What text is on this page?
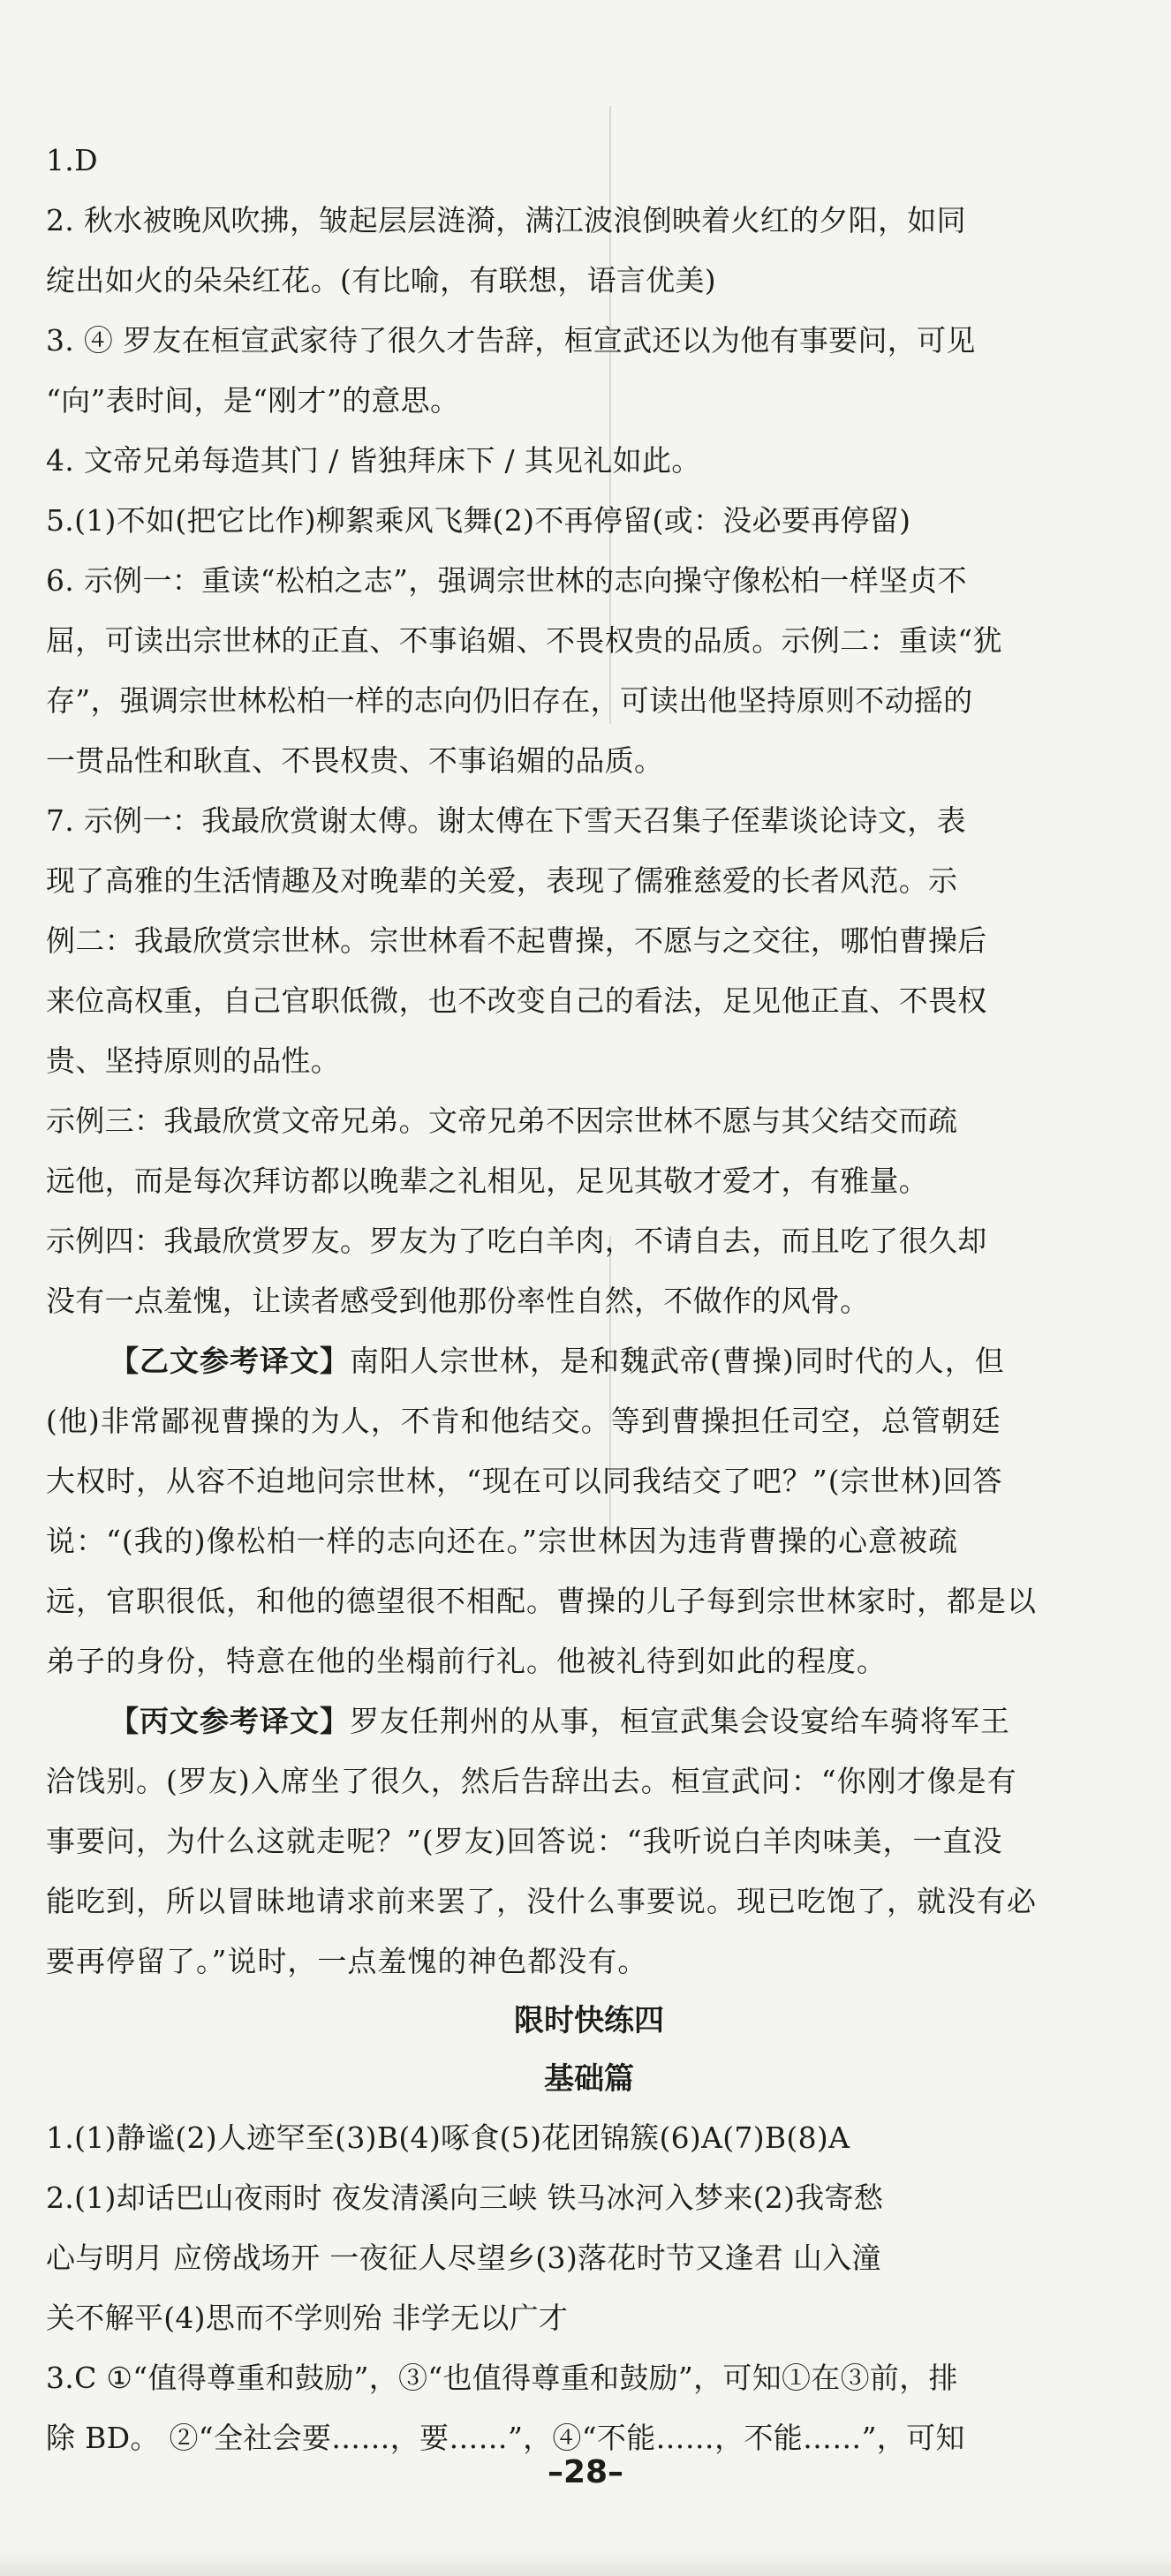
1.D
2. 秋水被晚风吹拂，皱起层层涟漪，满江波浪倒映着火红的夕阳，如同
绽出如火的朵朵红花。(有比喻，有联想，语言优美)
3. ④ 罗友在桓宣武家待了很久才告辞，桓宣武还以为他有事要问，可见
“向”表时间，是“刚才”的意思。
4. 文帝兄弟每造其门 / 皆独拜床下 / 其见礼如此。
5.(1)不如(把它比作)柳絮乘风飞舞(2)不再停留(或：没必要再停留)
6. 示例一：重读“松柏之志”，强调宗世林的志向操守像松柏一样坚贞不
屈，可读出宗世林的正直、不事谄媚、不畏权贵的品质。示例二：重读“犹
存”，强调宗世林松柏一样的志向仍旧存在，可读出他坚持原则不动摇的
一贯品性和耿直、不畏权贵、不事谄媚的品质。
7. 示例一：我最欣赏谢太傅。谢太傅在下雪天召集子侄辈谈论诗文，表
现了高雅的生活情趣及对晚辈的关爱，表现了儒雅慈爱的长者风范。示
例二：我最欣赏宗世林。宗世林看不起曹操，不愿与之交往，哪怕曹操后
来位高权重，自己官职低微，也不改变自己的看法，足见他正直、不畏权
贵、坚持原则的品性。
示例三：我最欣赏文帝兄弟。文帝兄弟不因宗世林不愿与其父结交而疏
远他，而是每次拜访都以晚辈之礼相见，足见其敬才爱才，有雅量。
示例四：我最欣赏罗友。罗友为了吃白羊肉，不请自去，而且吃了很久却
没有一点羞愧，让读者感受到他那份率性自然，不做作的风骨。
【乙文参考译文】南阳人宗世林，是和魏武帝(曹操)同时代的人，但
(他)非常鄙视曹操的为人，不肯和他结交。等到曹操担任司空，总管朝廷
大权时，从容不迫地问宗世林，“现在可以同我结交了吧？”(宗世林)回答
说：“(我的)像松柏一样的志向还在。”宗世林因为违背曹操的心意被疏
远，官职很低，和他的德望很不相配。曹操的儿子每到宗世林家时，都是以
弟子的身份，特意在他的坐榻前行礼。他被礼待到如此的程度。
【丙文参考译文】罗友任荆州的从事，桓宣武集会设宴给车骑将军王
洽饯别。(罗友)入席坐了很久，然后告辞出去。桓宣武问：“你刚才像是有
事要问，为什么这就走呢？”(罗友)回答说：“我听说白羊肉味美，一直没
能吃到，所以冒昧地请求前来罢了，没什么事要说。现已吃饱了，就没有必
要再停留了。”说时，一点羞愧的神色都没有。
限时快练四
基础篇
1.(1)静谧(2)人迹罕至(3)B(4)啄食(5)花团锦簇(6)A(7)B(8)A
2.(1)却话巴山夜雨时 夜发清溪向三峡 铁马冰河入梦来(2)我寄愁
心与明月 应傍战场开 一夜征人尽望乡(3)落花时节又逢君 山入潼
关不解平(4)思而不学则殆 非学无以广才
3.C ①“值得尊重和鼓励”，③“也值得尊重和鼓励”，可知①在③前，排
除 BD。 ②“全社会要……，要……”，④“不能……，不能……”，可知
–28–
